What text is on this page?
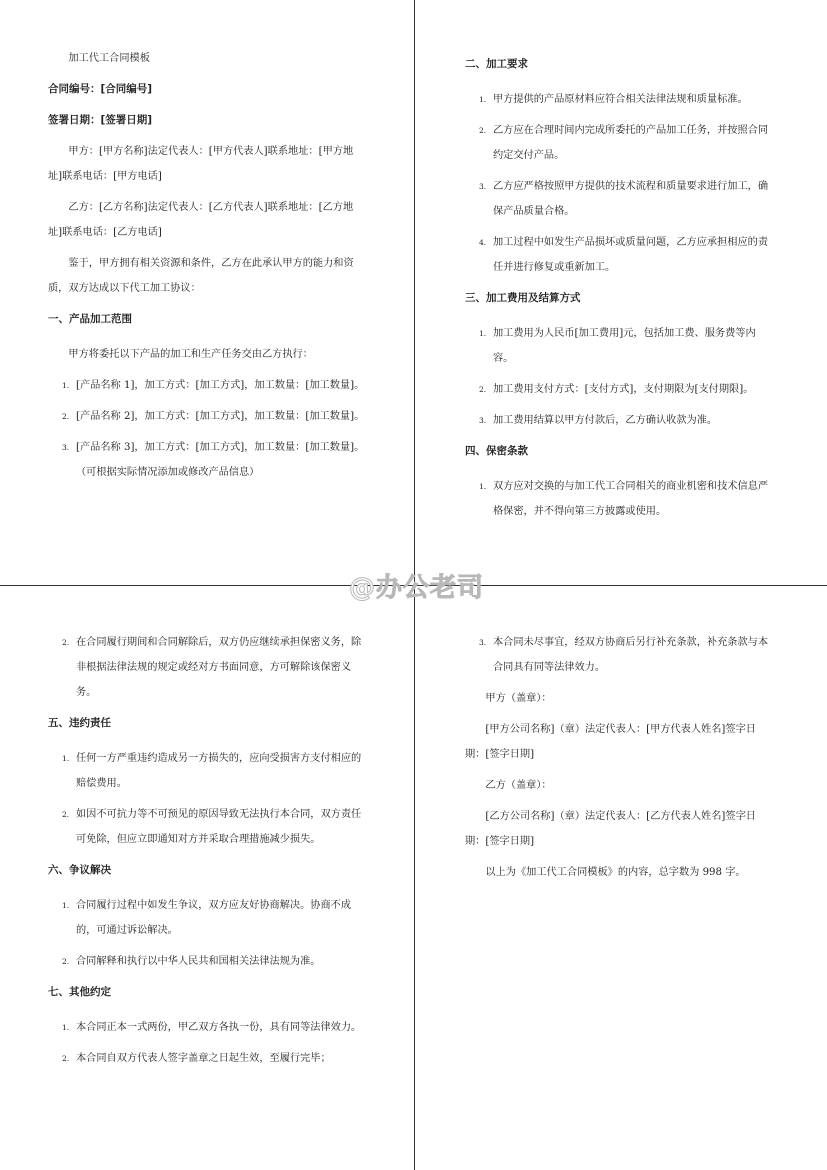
加工代工合同模板

合同编号：[合同编号]

签署日期：[签署日期]

甲方：[甲方名称]法定代表人：[甲方代表人]联系地址：[甲方地址]联系电话：[甲方电话]

乙方：[乙方名称]法定代表人：[乙方代表人]联系地址：[乙方地址]联系电话：[乙方电话]

鉴于，甲方拥有相关资源和条件，乙方在此承认甲方的能力和资质，双方达成以下代工加工协议：

一、产品加工范围

甲方将委托以下产品的加工和生产任务交由乙方执行：

1. [产品名称 1]，加工方式：[加工方式]，加工数量：[加工数量]。
2. [产品名称 2]，加工方式：[加工方式]，加工数量：[加工数量]。
3. [产品名称 3]，加工方式：[加工方式]，加工数量：[加工数量]。（可根据实际情况添加或修改产品信息）

二、加工要求

1. 甲方提供的产品原材料应符合相关法律法规和质量标准。
2. 乙方应在合理时间内完成所委托的产品加工任务，并按照合同约定交付产品。
3. 乙方应严格按照甲方提供的技术流程和质量要求进行加工，确保产品质量合格。
4. 加工过程中如发生产品损坏或质量问题，乙方应承担相应的责任并进行修复或重新加工。

三、加工费用及结算方式

1. 加工费用为人民币[加工费用]元，包括加工费、服务费等内容。
2. 加工费用支付方式：[支付方式]，支付期限为[支付期限]。
3. 加工费用结算以甲方付款后，乙方确认收款为准。

四、保密条款

1. 双方应对交换的与加工代工合同相关的商业机密和技术信息严格保密，并不得向第三方披露或使用。
2. 在合同履行期间和合同解除后，双方仍应继续承担保密义务，除非根据法律法规的规定或经对方书面同意，方可解除该保密义务。

五、违约责任

1. 任何一方严重违约造成另一方损失的，应向受损害方支付相应的赔偿费用。
2. 如因不可抗力等不可预见的原因导致无法执行本合同，双方责任可免除，但应立即通知对方并采取合理措施减少损失。

六、争议解决

1. 合同履行过程中如发生争议，双方应友好协商解决。协商不成的，可通过诉讼解决。
2. 合同解释和执行以中华人民共和国相关法律法规为准。

七、其他约定

1. 本合同正本一式两份，甲乙双方各执一份，具有同等法律效力。
2. 本合同自双方代表人签字盖章之日起生效，至履行完毕；
3. 本合同未尽事宜，经双方协商后另行补充条款，补充条款与本合同具有同等法律效力。

甲方（盖章）：

[甲方公司名称]（章）法定代表人：[甲方代表人姓名]签字日期：[签字日期]

乙方（盖章）：

[乙方公司名称]（章）法定代表人：[乙方代表人姓名]签字日期：[签字日期]

以上为《加工代工合同模板》的内容，总字数为 998 字。

@办公老司
